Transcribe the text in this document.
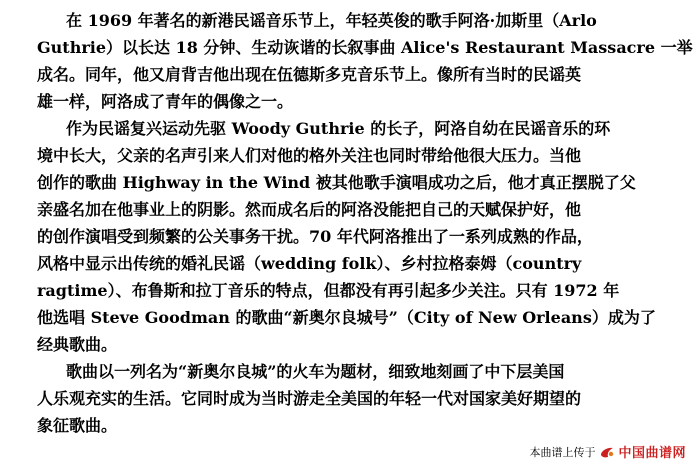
在 1969 年著名的新港民谣音乐节上，年轻英俊的歌手阿洛·加斯里（Arlo
Guthrie）以长达 18 分钟、生动诙谐的长叙事曲 Alice's Restaurant Massacre 一举
成名。同年，他又肩背吉他出现在伍德斯多克音乐节上。像所有当时的民谣英
雄一样，阿洛成了青年的偶像之一。
作为民谣复兴运动先驱 Woody Guthrie 的长子，阿洛自幼在民谣音乐的环
境中长大，父亲的名声引来人们对他的格外关注也同时带给他很大压力。当他
创作的歌曲 Highway in the Wind 被其他歌手演唱成功之后，他才真正摆脱了父
亲盛名加在他事业上的阴影。然而成名后的阿洛没能把自己的天赋保护好，他
的创作演唱受到频繁的公关事务干扰。70 年代阿洛推出了一系列成熟的作品，
风格中显示出传统的婚礼民谣（wedding folk）、乡村拉格泰姆（country
ragtime）、布鲁斯和拉丁音乐的特点，但都没有再引起多少关注。只有 1972 年
他选唱 Steve Goodman 的歌曲“新奥尔良城号”（City of New Orleans）成为了
经典歌曲。
歌曲以一列名为“新奥尔良城”的火车为题材，细致地刻画了中下层美国
人乐观充实的生活。它同时成为当时游走全美国的年轻一代对国家美好期望的
象征歌曲。
本曲谱上传于 中国曲谱网
